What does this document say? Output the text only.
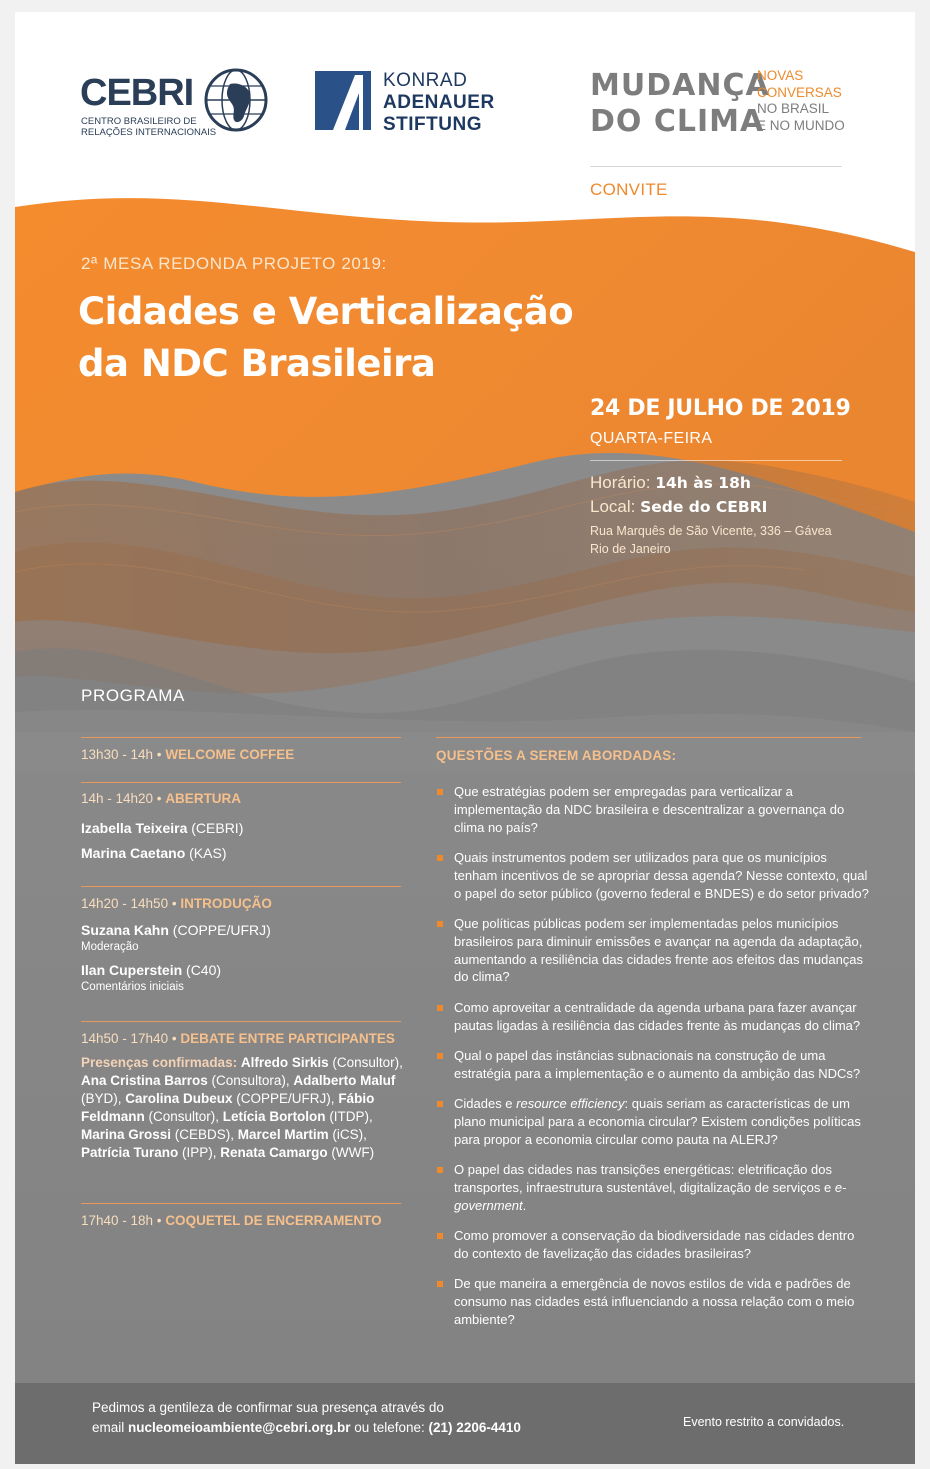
CEBRI
CENTRO BRASILEIRO DE
RELAÇÕES INTERNACIONAIS
KONRAD
ADENAUER
STIFTUNG
MUDANÇA
DO CLIMA
NOVAS
CONVERSAS
NO BRASIL
E NO MUNDO
CONVITE
2ª MESA REDONDA PROJETO 2019:
Cidades e Verticalização
da NDC Brasileira
24 DE JULHO DE 2019
QUARTA-FEIRA
Horário: 14h às 18h
Local: Sede do CEBRI
Rua Marquês de São Vicente, 336 – Gávea
Rio de Janeiro
PROGRAMA
13h30 - 14h • WELCOME COFFEE
14h - 14h20 • ABERTURA
Izabella Teixeira (CEBRI)
Marina Caetano (KAS)
14h20 - 14h50 • INTRODUÇÃO
Suzana Kahn (COPPE/UFRJ)
Moderação
Ilan Cuperstein (C40)
Comentários iniciais
14h50 - 17h40 • DEBATE ENTRE PARTICIPANTES
Presenças confirmadas: Alfredo Sirkis (Consultor), Ana Cristina Barros (Consultora), Adalberto Maluf (BYD), Carolina Dubeux (COPPE/UFRJ), Fábio Feldmann (Consultor), Letícia Bortolon (ITDP), Marina Grossi (CEBDS), Marcel Martim (iCS), Patrícia Turano (IPP), Renata Camargo (WWF)
17h40 - 18h • COQUETEL DE ENCERRAMENTO
QUESTÕES A SEREM ABORDADAS:
Que estratégias podem ser empregadas para verticalizar a implementação da NDC brasileira e descentralizar a governança do clima no país?
Quais instrumentos podem ser utilizados para que os municípios tenham incentivos de se apropriar dessa agenda? Nesse contexto, qual o papel do setor público (governo federal e BNDES) e do setor privado?
Que políticas públicas podem ser implementadas pelos municípios brasileiros para diminuir emissões e avançar na agenda da adaptação, aumentando a resiliência das cidades frente aos efeitos das mudanças do clima?
Como aproveitar a centralidade da agenda urbana para fazer avançar pautas ligadas à resiliência das cidades frente às mudanças do clima?
Qual o papel das instâncias subnacionais na construção de uma estratégia para a implementação e o aumento da ambição das NDCs?
Cidades e resource efficiency: quais seriam as características de um plano municipal para a economia circular? Existem condições políticas para propor a economia circular como pauta na ALERJ?
O papel das cidades nas transições energéticas: eletrificação dos transportes, infraestrutura sustentável, digitalização de serviços e e-government.
Como promover a conservação da biodiversidade nas cidades dentro do contexto de favelização das cidades brasileiras?
De que maneira a emergência de novos estilos de vida e padrões de consumo nas cidades está influenciando a nossa relação com o meio ambiente?
Pedimos a gentileza de confirmar sua presença através do
email nucleomeioambiente@cebri.org.br ou telefone: (21) 2206-4410	Evento restrito a convidados.
